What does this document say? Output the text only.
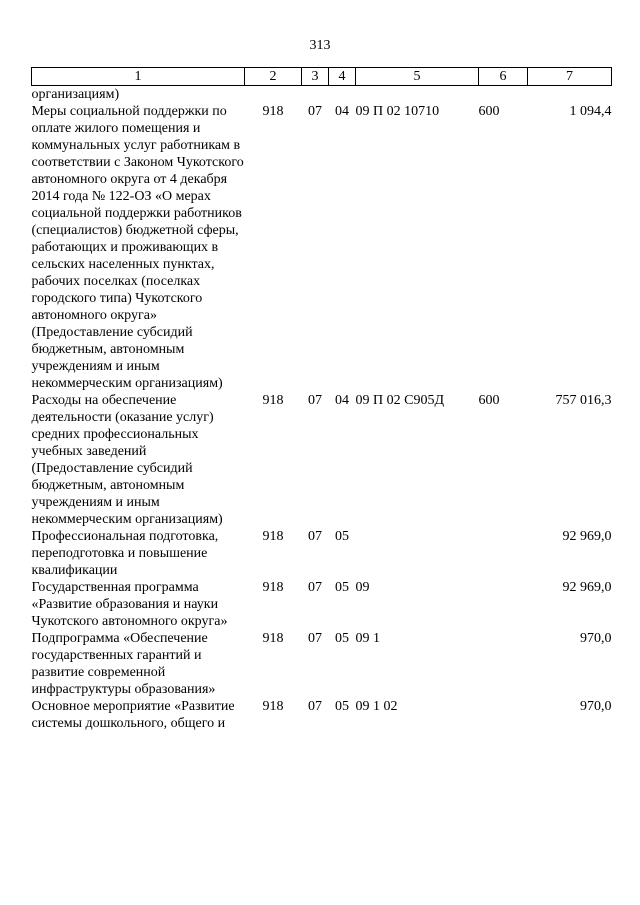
313
1	2	3	4	5	6	7
организациям)						
Меры социальной поддержки по оплате жилого помещения и коммунальных услуг работникам в соответствии с Законом Чукотского автономного округа от 4 декабря 2014 года № 122-ОЗ «О мерах социальной поддержки работников (специалистов) бюджетной сферы, работающих и проживающих в сельских населенных пунктах, рабочих поселках (поселках городского типа) Чукотского автономного округа» (Предоставление субсидий бюджетным, автономным учреждениям и иным некоммерческим организациям)	918	07	04	09 П 02 10710	600	1 094,4
Расходы на обеспечение деятельности (оказание услуг) средних профессиональных учебных заведений (Предоставление субсидий бюджетным, автономным учреждениям и иным некоммерческим организациям)	918	07	04	09 П 02 С905Д	600	757 016,3
Профессиональная подготовка, переподготовка и повышение квалификации	918	07	05			92 969,0
Государственная программа «Развитие образования и науки Чукотского автономного округа»	918	07	05	09		92 969,0
Подпрограмма «Обеспечение государственных гарантий и развитие современной инфраструктуры образования»	918	07	05	09 1		970,0
Основное мероприятие «Развитие системы дошкольного, общего и	918	07	05	09 1 02		970,0
